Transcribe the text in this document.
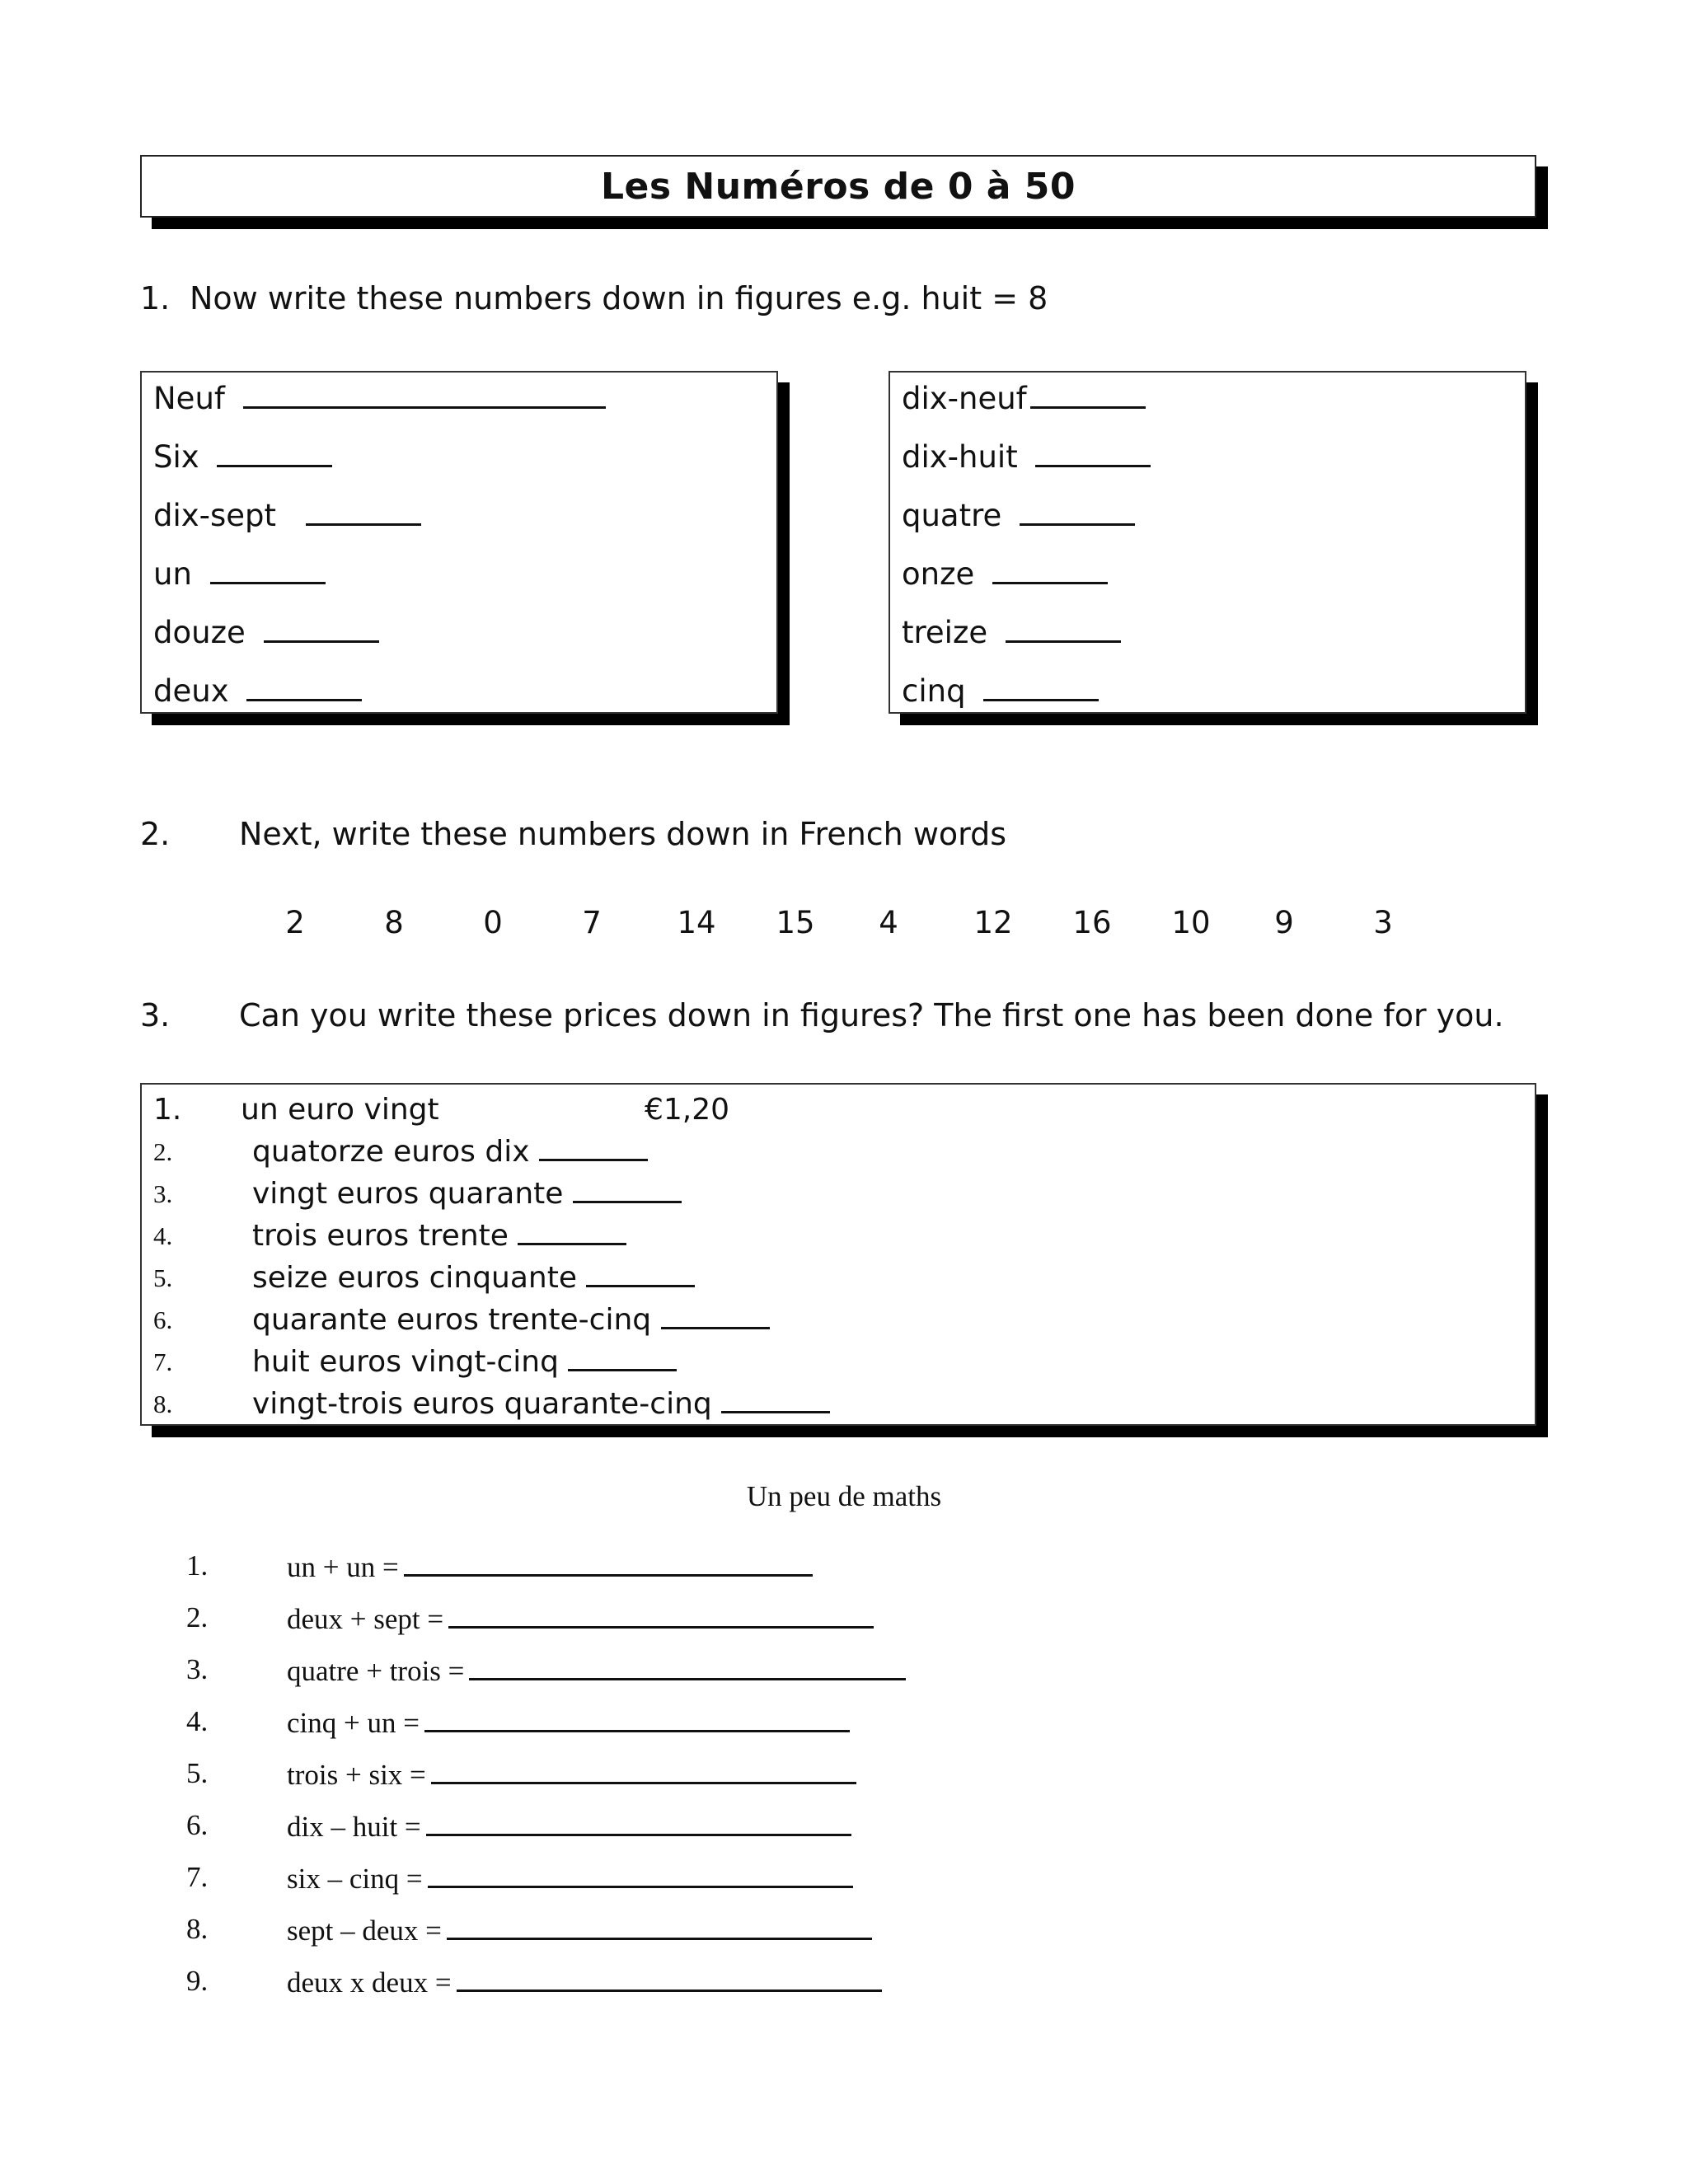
Les Numéros de 0 à 50
1. Now write these numbers down in figures e.g. huit = 8
Neuf
Six
dix-sept
un
douze
deux
dix-neuf
dix-huit
quatre
onze
treize
cinq
2. Next, write these numbers down in French words
2	8	0	7	14	15	4	12	16	10	9	3
3. Can you write these prices down in figures? The first one has been done for you.
1. un euro vingt	€1,20
2.	quatorze euros dix
3.	vingt euros quarante
4.	trois euros trente
5.	seize euros cinquante
6.	quarante euros trente-cinq
7.	huit euros vingt-cinq
8.	vingt-trois euros quarante-cinq
Un peu de maths
1.	un + un =
2.	deux + sept =
3.	quatre + trois =
4.	cinq + un =
5.	trois + six =
6.	dix – huit =
7.	six – cinq =
8.	sept – deux =
9.	deux x deux =
